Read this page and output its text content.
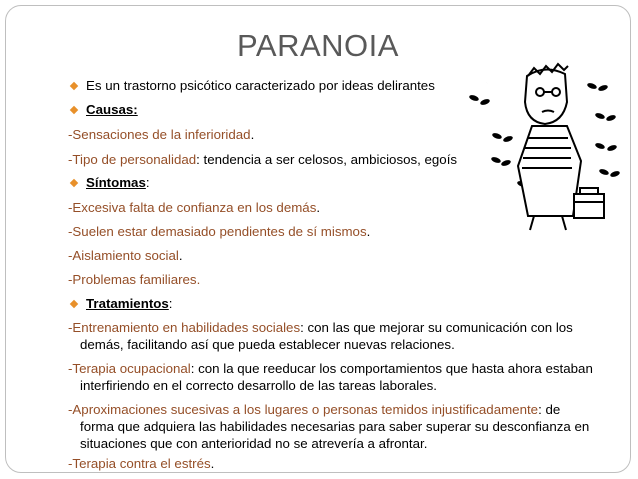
PARANOIA
Es un trastorno psicótico caracterizado por ideas delirantes
Causas:
-Sensaciones de la inferioridad.
-Tipo de personalidad: tendencia a ser celosos, ambiciosos, egoís
Síntomas:
-Excesiva falta de confianza en los demás.
-Suelen estar demasiado pendientes de sí mismos.
-Aislamiento social.
-Problemas familiares.
Tratamientos:
-Entrenamiento en habilidades sociales: con las que mejorar su comunicación con los
demás, facilitando así que pueda establecer nuevas relaciones.
-Terapia ocupacional: con la que reeducar los comportamientos que hasta ahora estaban
interfiriendo en el correcto desarrollo de las tareas laborales.
-Aproximaciones sucesivas a los lugares o personas temidos injustificadamente: de
forma que adquiera las habilidades necesarias para saber superar su desconfianza en
situaciones que con anterioridad no se atrevería a afrontar.
-Terapia contra el estrés.
